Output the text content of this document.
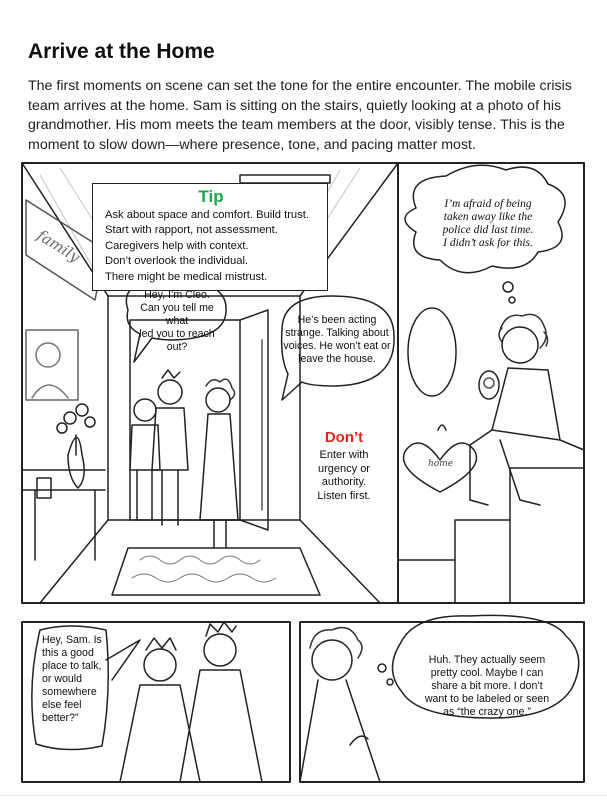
Arrive at the Home

The first moments on scene can set the tone for the entire encounter. The mobile crisis team arrives at the home. Sam is sitting on the stairs, quietly looking at a photo of his grandmother. His mom meets the team members at the door, visibly tense. This is the moment to slow down—where presence, tone, and pacing matter most.

family
home
Tip
Ask about space and comfort. Build trust.
Start with rapport, not assessment.
Caregivers help with context.
Don’t overlook the individual.
There might be medical mistrust.
Don’t
Enter with
urgency or
authority.
Listen first.
I’m afraid of being
taken away like the
police did last time.
I didn’t ask for this.
Hey, I’m Cleo.
Can you tell me what
led you to reach out?
He’s been acting
strange. Talking about
voices. He won’t eat or
leave the house.
Hey, Sam. Is
this a good
place to talk,
or would
somewhere
else feel
better?”
Huh. They actually seem
pretty cool. Maybe I can
share a bit more. I don’t
want to be labeled or seen
as “the crazy one.”
